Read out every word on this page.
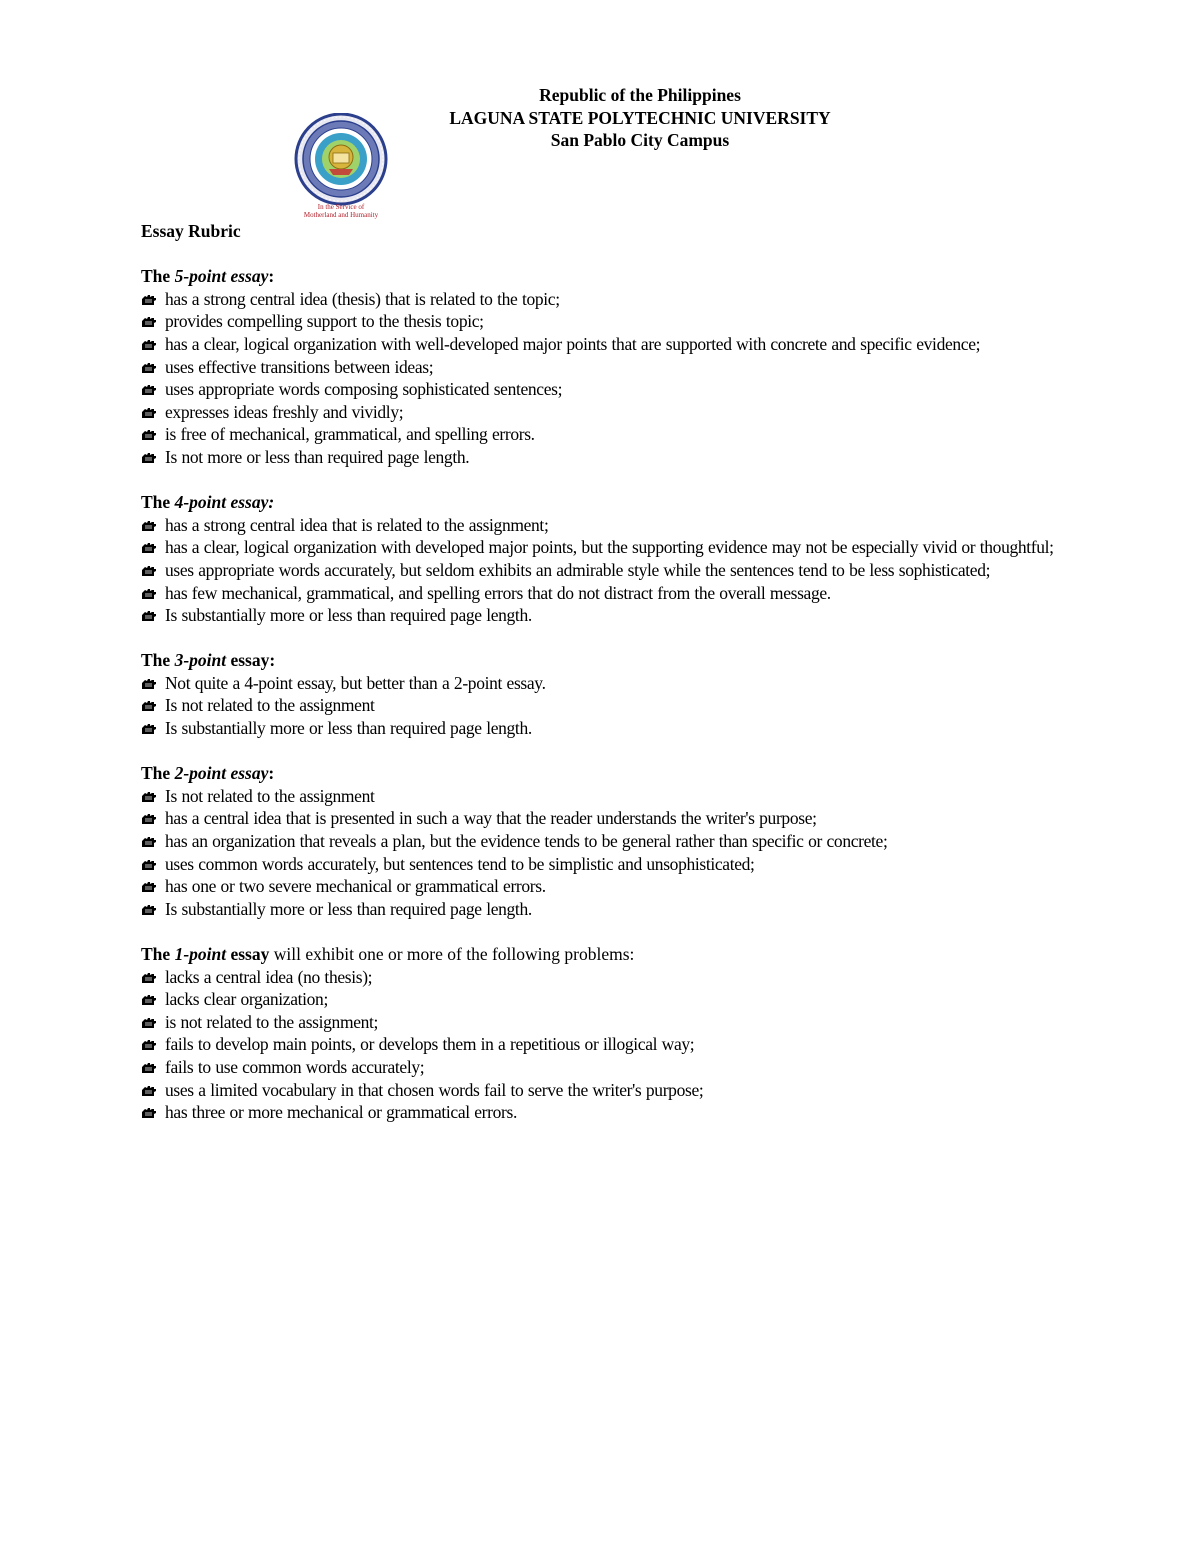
Republic of the Philippines
LAGUNA STATE POLYTECHNIC UNIVERSITY
San Pablo City Campus
In the Service of
Motherland and Humanity

Essay Rubric

The 5-point essay:

has a strong central idea (thesis) that is related to the topic;
provides compelling support to the thesis topic;
has a clear, logical organization with well-developed major points that are supported with concrete and specific evidence;
uses effective transitions between ideas;
uses appropriate words composing sophisticated sentences;
expresses ideas freshly and vividly;
is free of mechanical, grammatical, and spelling errors.
Is not more or less than required page length.

The 4-point essay:

has a strong central idea that is related to the assignment;
has a clear, logical organization with developed major points, but the supporting evidence may not be especially vivid or thoughtful;
uses appropriate words accurately, but seldom exhibits an admirable style while the sentences tend to be less sophisticated;
has few mechanical, grammatical, and spelling errors that do not distract from the overall message.
Is substantially more or less than required page length.

The 3-point essay:

Not quite a 4-point essay, but better than a 2-point essay.
Is not related to the assignment
Is substantially more or less than required page length.

The 2-point essay:

Is not related to the assignment
has a central idea that is presented in such a way that the reader understands the writer's purpose;
has an organization that reveals a plan, but the evidence tends to be general rather than specific or concrete;
uses common words accurately, but sentences tend to be simplistic and unsophisticated;
has one or two severe mechanical or grammatical errors.
Is substantially more or less than required page length.

The 1-point essay will exhibit one or more of the following problems:

lacks a central idea (no thesis);
lacks clear organization;
is not related to the assignment;
fails to develop main points, or develops them in a repetitious or illogical way;
fails to use common words accurately;
uses a limited vocabulary in that chosen words fail to serve the writer's purpose;
has three or more mechanical or grammatical errors.
